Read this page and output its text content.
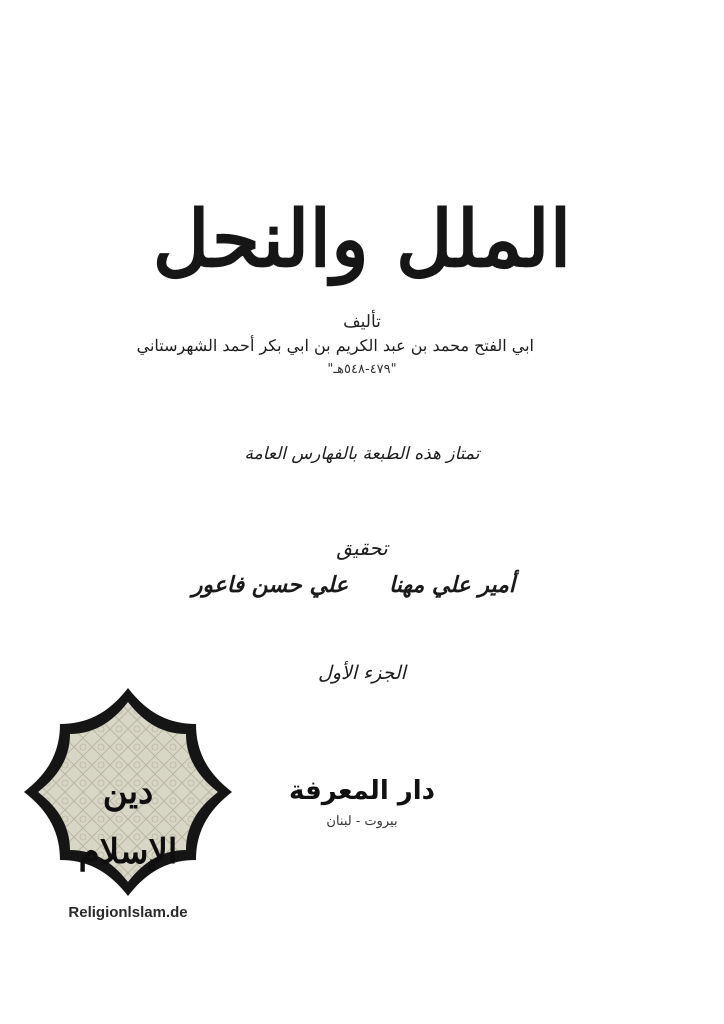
الملل والنحل
تأليف
ابي الفتح محمد بن عبد الكريم بن ابي بكر أحمد الشهرستاني
"٤٧٩-٥٤٨هـ"
تمتاز هذه الطبعة بالفهارس العامة
تحقيق
أمير علي مهنا
علي حسن فاعور
الجزء الأول
دار المعرفة
بيروت - لبنان
دين الإسلام
Religionlslam.de
